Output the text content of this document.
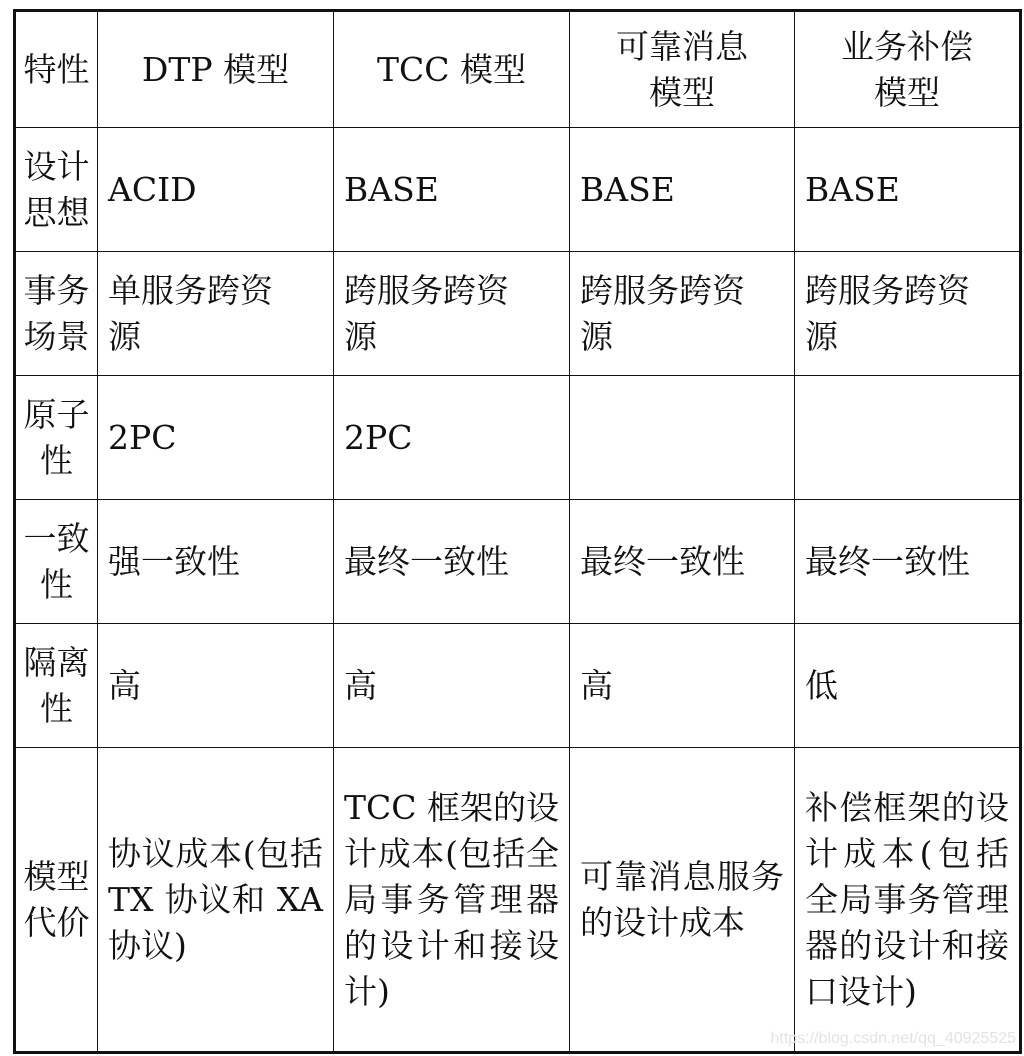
特性	DTP 模型	TCC 模型	可靠消息模型	业务补偿模型
设计思想	ACID	BASE	BASE	BASE
事务场景	单服务跨资源	跨服务跨资源	跨服务跨资源	跨服务跨资源
原子性	2PC	2PC		
一致性	强一致性	最终一致性	最终一致性	最终一致性
隔离性	高	高	高	低
模型代价	协议成本(包括 TX 协议和 XA 协议)	TCC 框架的设计成本(包括全局事务管理器的设计和接设计)	可靠消息服务的设计成本	补偿框架的设计成本(包括全局事务管理器的设计和接口设计)
https://blog.csdn.net/qq_40925525
